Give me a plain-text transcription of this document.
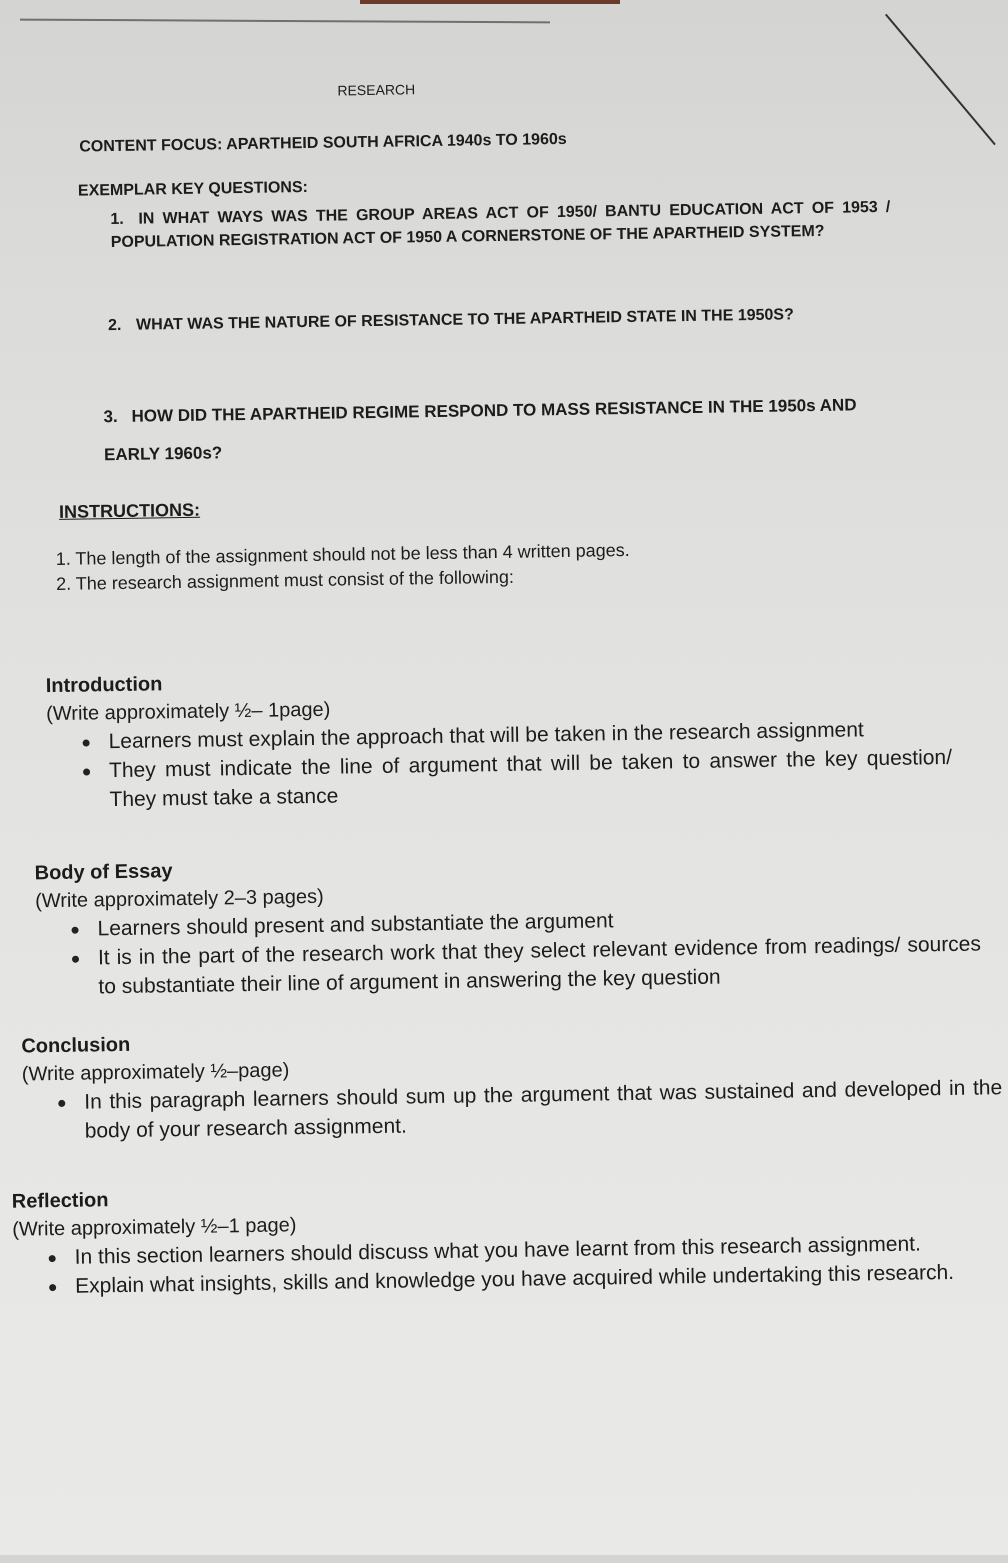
RESEARCH
CONTENT FOCUS: APARTHEID SOUTH AFRICA 1940s TO 1960s
EXEMPLAR KEY QUESTIONS:
1. IN WHAT WAYS WAS THE GROUP AREAS ACT OF 1950/ BANTU EDUCATION ACT OF 1953 / POPULATION REGISTRATION ACT OF 1950 A CORNERSTONE OF THE APARTHEID SYSTEM?
2. WHAT WAS THE NATURE OF RESISTANCE TO THE APARTHEID STATE IN THE 1950S?
3. HOW DID THE APARTHEID REGIME RESPOND TO MASS RESISTANCE IN THE 1950s AND EARLY 1960s?
INSTRUCTIONS:
1. The length of the assignment should not be less than 4 written pages.
2. The research assignment must consist of the following:
Introduction
(Write approximately ½– 1page)
Learners must explain the approach that will be taken in the research assignment
They must indicate the line of argument that will be taken to answer the key question/ They must take a stance
Body of Essay
(Write approximately 2–3 pages)
Learners should present and substantiate the argument
It is in the part of the research work that they select relevant evidence from readings/ sources to substantiate their line of argument in answering the key question
Conclusion
(Write approximately ½–page)
In this paragraph learners should sum up the argument that was sustained and developed in the body of your research assignment.
Reflection
(Write approximately ½–1 page)
In this section learners should discuss what you have learnt from this research assignment.
Explain what insights, skills and knowledge you have acquired while undertaking this research.
